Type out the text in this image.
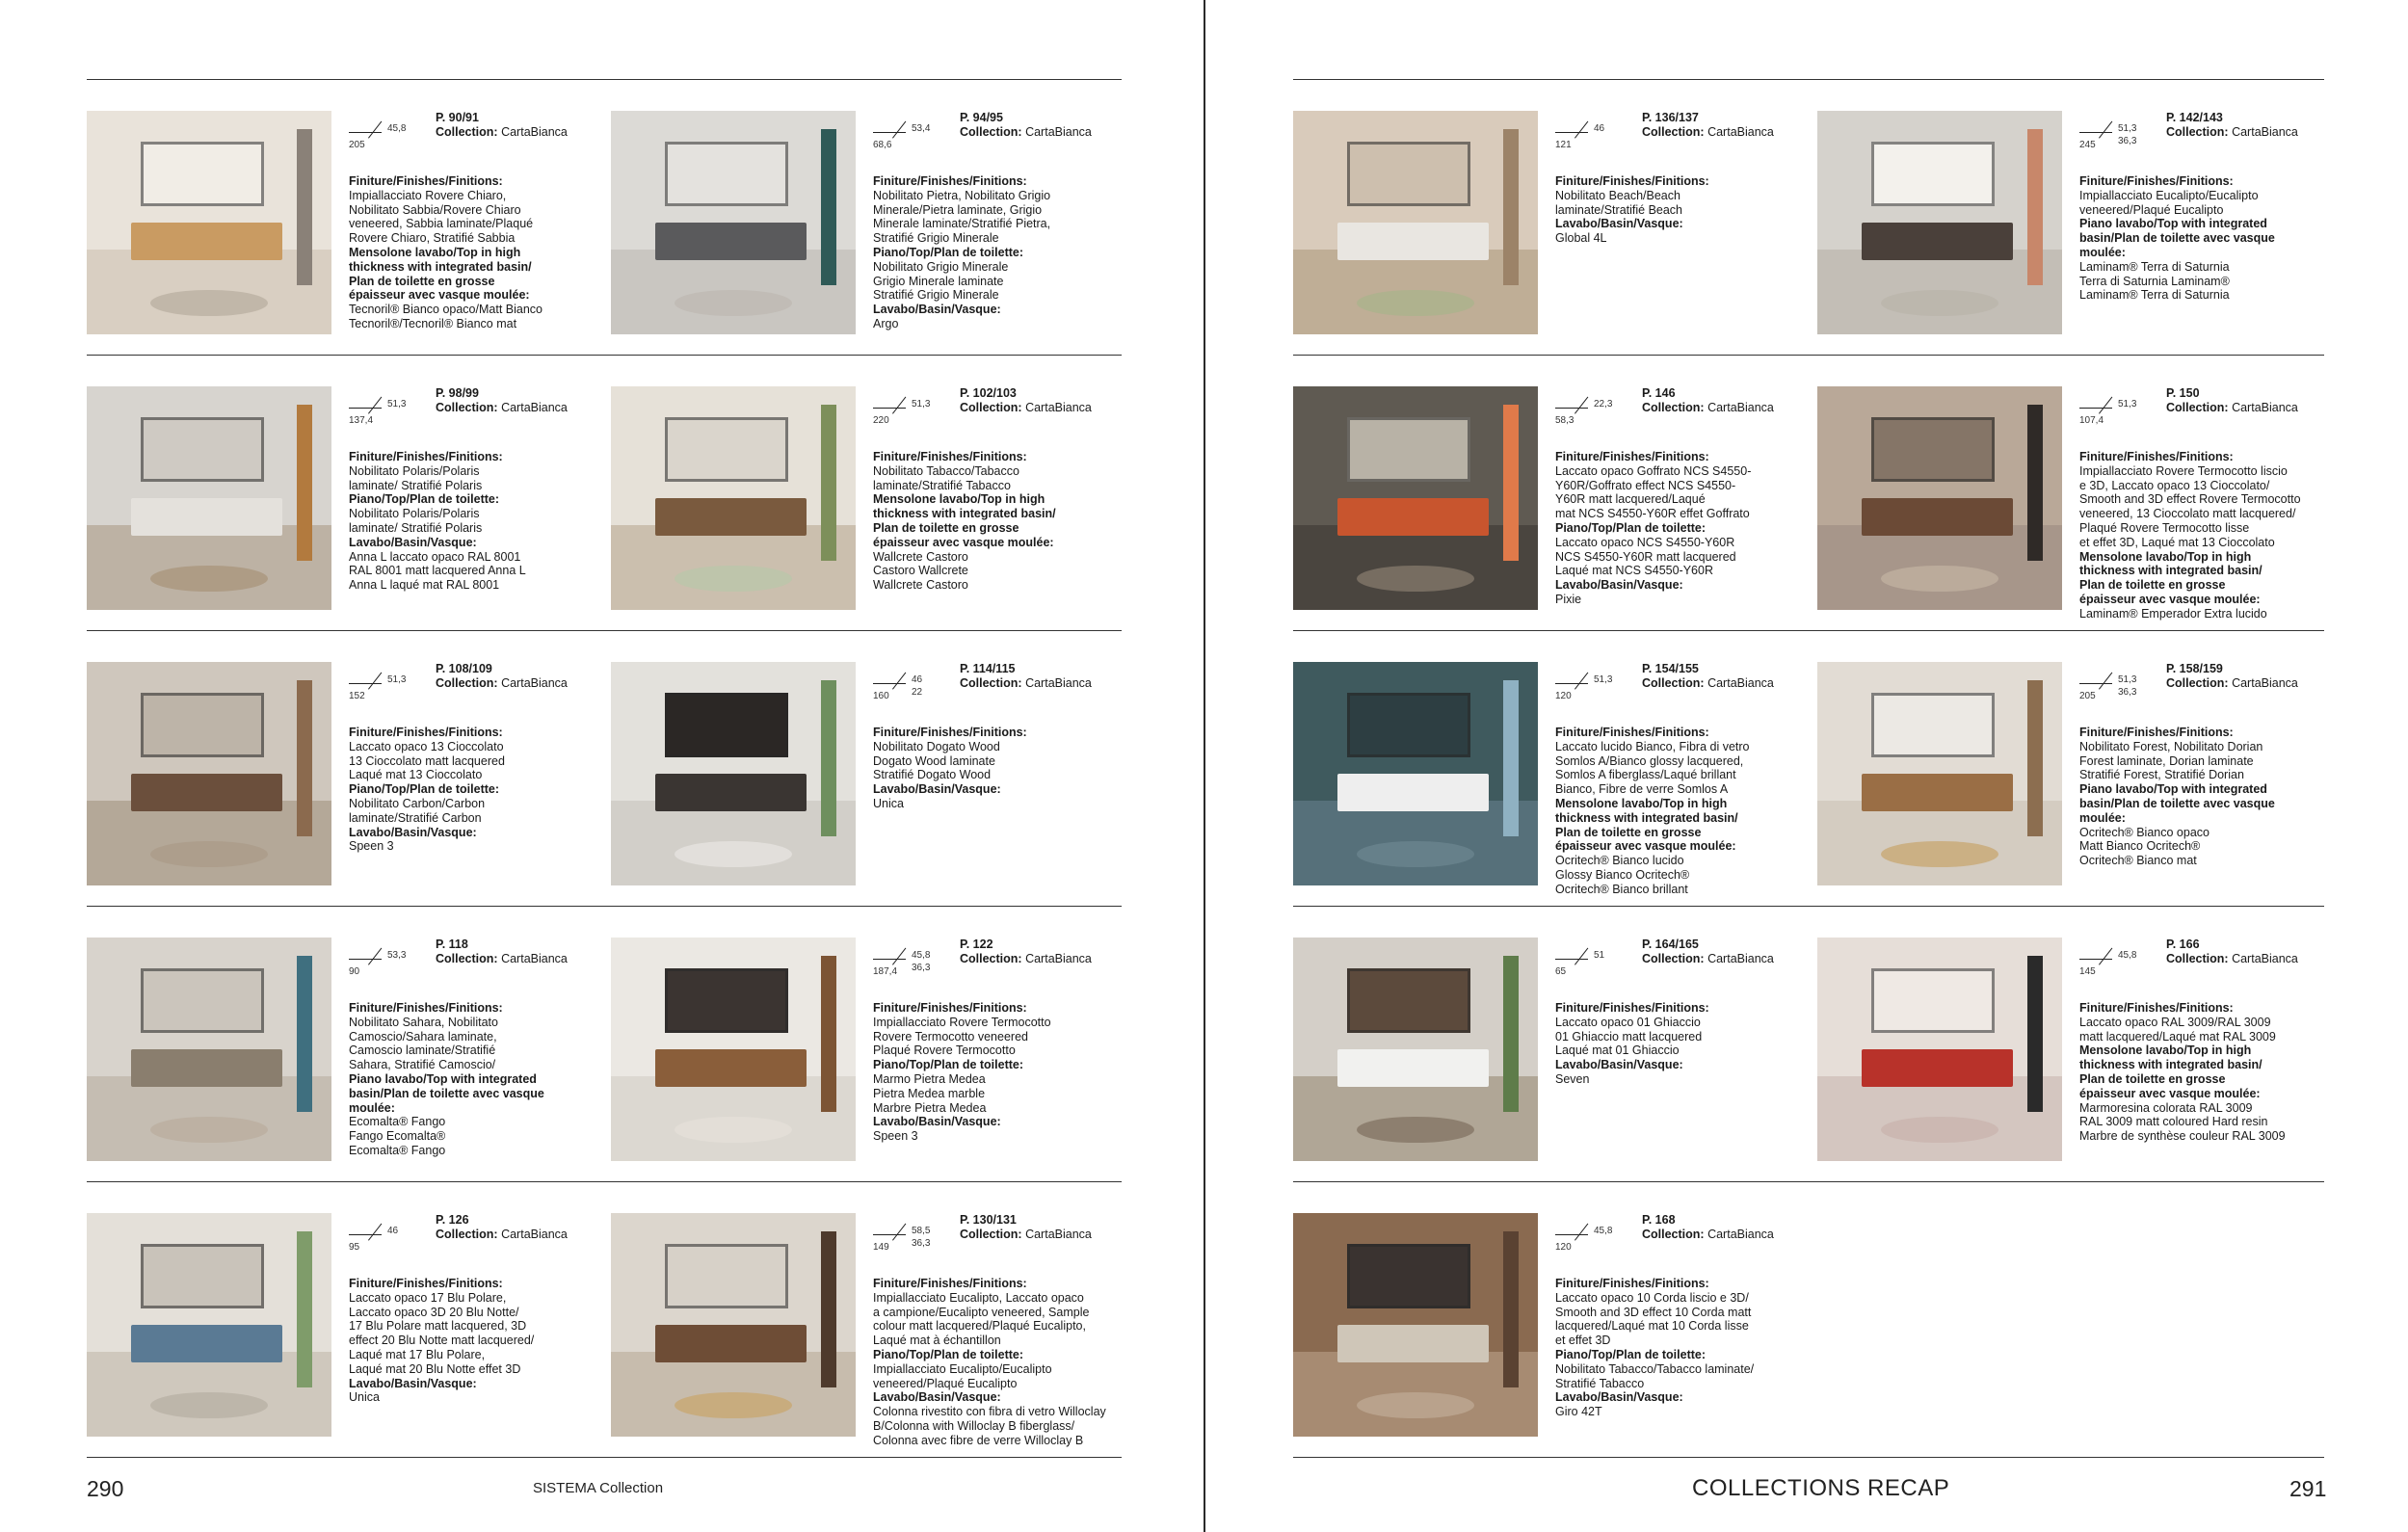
205
45,8
P. 90/91
Collection: CartaBianca
Finiture/Finishes/Finitions:
Impiallacciato Rovere Chiaro,
Nobilitato Sabbia/Rovere Chiaro
veneered, Sabbia laminate/Plaqué
Rovere Chiaro, Stratifié Sabbia
Mensolone lavabo/Top in high
thickness with integrated basin/
Plan de toilette en grosse
épaisseur avec vasque moulée:
Tecnoril® Bianco opaco/Matt Bianco
Tecnoril®/Tecnoril® Bianco mat
68,6
53,4
P. 94/95
Collection: CartaBianca
Finiture/Finishes/Finitions:
Nobilitato Pietra, Nobilitato Grigio
Minerale/Pietra laminate, Grigio
Minerale laminate/Stratifié Pietra,
Stratifié Grigio Minerale
Piano/Top/Plan de toilette:
Nobilitato Grigio Minerale
Grigio Minerale laminate
Stratifié Grigio Minerale
Lavabo/Basin/Vasque:
Argo
137,4
51,3
P. 98/99
Collection: CartaBianca
Finiture/Finishes/Finitions:
Nobilitato Polaris/Polaris
laminate/ Stratifié Polaris
Piano/Top/Plan de toilette:
Nobilitato Polaris/Polaris
laminate/ Stratifié Polaris
Lavabo/Basin/Vasque:
Anna L laccato opaco RAL 8001
RAL 8001 matt lacquered Anna L
Anna L laqué mat RAL 8001
220
51,3
P. 102/103
Collection: CartaBianca
Finiture/Finishes/Finitions:
Nobilitato Tabacco/Tabacco
laminate/Stratifié Tabacco
Mensolone lavabo/Top in high
thickness with integrated basin/
Plan de toilette en grosse
épaisseur avec vasque moulée:
Wallcrete Castoro
Castoro Wallcrete
Wallcrete Castoro
152
51,3
P. 108/109
Collection: CartaBianca
Finiture/Finishes/Finitions:
Laccato opaco 13 Cioccolato
13 Cioccolato matt lacquered
Laqué mat 13 Cioccolato
Piano/Top/Plan de toilette:
Nobilitato Carbon/Carbon
laminate/Stratifié Carbon
Lavabo/Basin/Vasque:
Speen 3
160
46
22
P. 114/115
Collection: CartaBianca
Finiture/Finishes/Finitions:
Nobilitato Dogato Wood
Dogato Wood laminate
Stratifié Dogato Wood
Lavabo/Basin/Vasque:
Unica
90
53,3
P. 118
Collection: CartaBianca
Finiture/Finishes/Finitions:
Nobilitato Sahara, Nobilitato
Camoscio/Sahara laminate,
Camoscio laminate/Stratifié
Sahara, Stratifié Camoscio/
Piano lavabo/Top with integrated
basin/Plan de toilette avec vasque
moulée:
Ecomalta® Fango
Fango Ecomalta®
Ecomalta® Fango
187,4
45,8
36,3
P. 122
Collection: CartaBianca
Finiture/Finishes/Finitions:
Impiallacciato Rovere Termocotto
Rovere Termocotto veneered
Plaqué Rovere Termocotto
Piano/Top/Plan de toilette:
Marmo Pietra Medea
Pietra Medea marble
Marbre Pietra Medea
Lavabo/Basin/Vasque:
Speen 3
95
46
P. 126
Collection: CartaBianca
Finiture/Finishes/Finitions:
Laccato opaco 17 Blu Polare,
Laccato opaco 3D 20 Blu Notte/
17 Blu Polare matt lacquered, 3D
effect 20 Blu Notte matt lacquered/
Laqué mat 17 Blu Polare,
Laqué mat 20 Blu Notte effet 3D
Lavabo/Basin/Vasque:
Unica
149
58,5
36,3
P. 130/131
Collection: CartaBianca
Finiture/Finishes/Finitions:
Impiallacciato Eucalipto, Laccato opaco
a campione/Eucalipto veneered, Sample
colour matt lacquered/Plaqué Eucalipto,
Laqué mat à échantillon
Piano/Top/Plan de toilette:
Impiallacciato Eucalipto/Eucalipto
veneered/Plaqué Eucalipto
Lavabo/Basin/Vasque:
Colonna rivestito con fibra di vetro Willoclay
B/Colonna with Willoclay B fiberglass/
Colonna avec fibre de verre Willoclay B
121
46
P. 136/137
Collection: CartaBianca
Finiture/Finishes/Finitions:
Nobilitato Beach/Beach
laminate/Stratifié Beach
Lavabo/Basin/Vasque:
Global 4L
245
51,3
36,3
P. 142/143
Collection: CartaBianca
Finiture/Finishes/Finitions:
Impiallacciato Eucalipto/Eucalipto
veneered/Plaqué Eucalipto
Piano lavabo/Top with integrated
basin/Plan de toilette avec vasque
moulée:
Laminam® Terra di Saturnia
Terra di Saturnia Laminam®
Laminam® Terra di Saturnia
58,3
22,3
P. 146
Collection: CartaBianca
Finiture/Finishes/Finitions:
Laccato opaco Goffrato NCS S4550-
Y60R/Goffrato effect NCS S4550-
Y60R matt lacquered/Laqué
mat NCS S4550-Y60R effet Goffrato
Piano/Top/Plan de toilette:
Laccato opaco NCS S4550-Y60R
NCS S4550-Y60R matt lacquered
Laqué mat NCS S4550-Y60R
Lavabo/Basin/Vasque:
Pixie
107,4
51,3
P. 150
Collection: CartaBianca
Finiture/Finishes/Finitions:
Impiallacciato Rovere Termocotto liscio
e 3D, Laccato opaco 13 Cioccolato/
Smooth and 3D effect Rovere Termocotto
veneered, 13 Cioccolato matt lacquered/
Plaqué Rovere Termocotto lisse
et effet 3D, Laqué mat 13 Cioccolato
Mensolone lavabo/Top in high
thickness with integrated basin/
Plan de toilette en grosse
épaisseur avec vasque moulée:
Laminam® Emperador Extra lucido
120
51,3
P. 154/155
Collection: CartaBianca
Finiture/Finishes/Finitions:
Laccato lucido Bianco, Fibra di vetro
Somlos A/Bianco glossy lacquered,
Somlos A fiberglass/Laqué brillant
Bianco, Fibre de verre Somlos A
Mensolone lavabo/Top in high
thickness with integrated basin/
Plan de toilette en grosse
épaisseur avec vasque moulée:
Ocritech® Bianco lucido
Glossy Bianco Ocritech®
Ocritech® Bianco brillant
205
51,3
36,3
P. 158/159
Collection: CartaBianca
Finiture/Finishes/Finitions:
Nobilitato Forest, Nobilitato Dorian
Forest laminate, Dorian laminate
Stratifié Forest, Stratifié Dorian
Piano lavabo/Top with integrated
basin/Plan de toilette avec vasque
moulée:
Ocritech® Bianco opaco
Matt Bianco Ocritech®
Ocritech® Bianco mat
65
51
P. 164/165
Collection: CartaBianca
Finiture/Finishes/Finitions:
Laccato opaco 01 Ghiaccio
01 Ghiaccio matt lacquered
Laqué mat 01 Ghiaccio
Lavabo/Basin/Vasque:
Seven
145
45,8
P. 166
Collection: CartaBianca
Finiture/Finishes/Finitions:
Laccato opaco RAL 3009/RAL 3009
matt lacquered/Laqué mat RAL 3009
Mensolone lavabo/Top in high
thickness with integrated basin/
Plan de toilette en grosse
épaisseur avec vasque moulée:
Marmoresina colorata RAL 3009
RAL 3009 matt coloured Hard resin
Marbre de synthèse couleur RAL 3009
120
45,8
P. 168
Collection: CartaBianca
Finiture/Finishes/Finitions:
Laccato opaco 10 Corda liscio e 3D/
Smooth and 3D effect 10 Corda matt
lacquered/Laqué mat 10 Corda lisse
et effet 3D
Piano/Top/Plan de toilette:
Nobilitato Tabacco/Tabacco laminate/
Stratifié Tabacco
Lavabo/Basin/Vasque:
Giro 42T
290	SISTEMA Collection	COLLECTIONS RECAP	291
